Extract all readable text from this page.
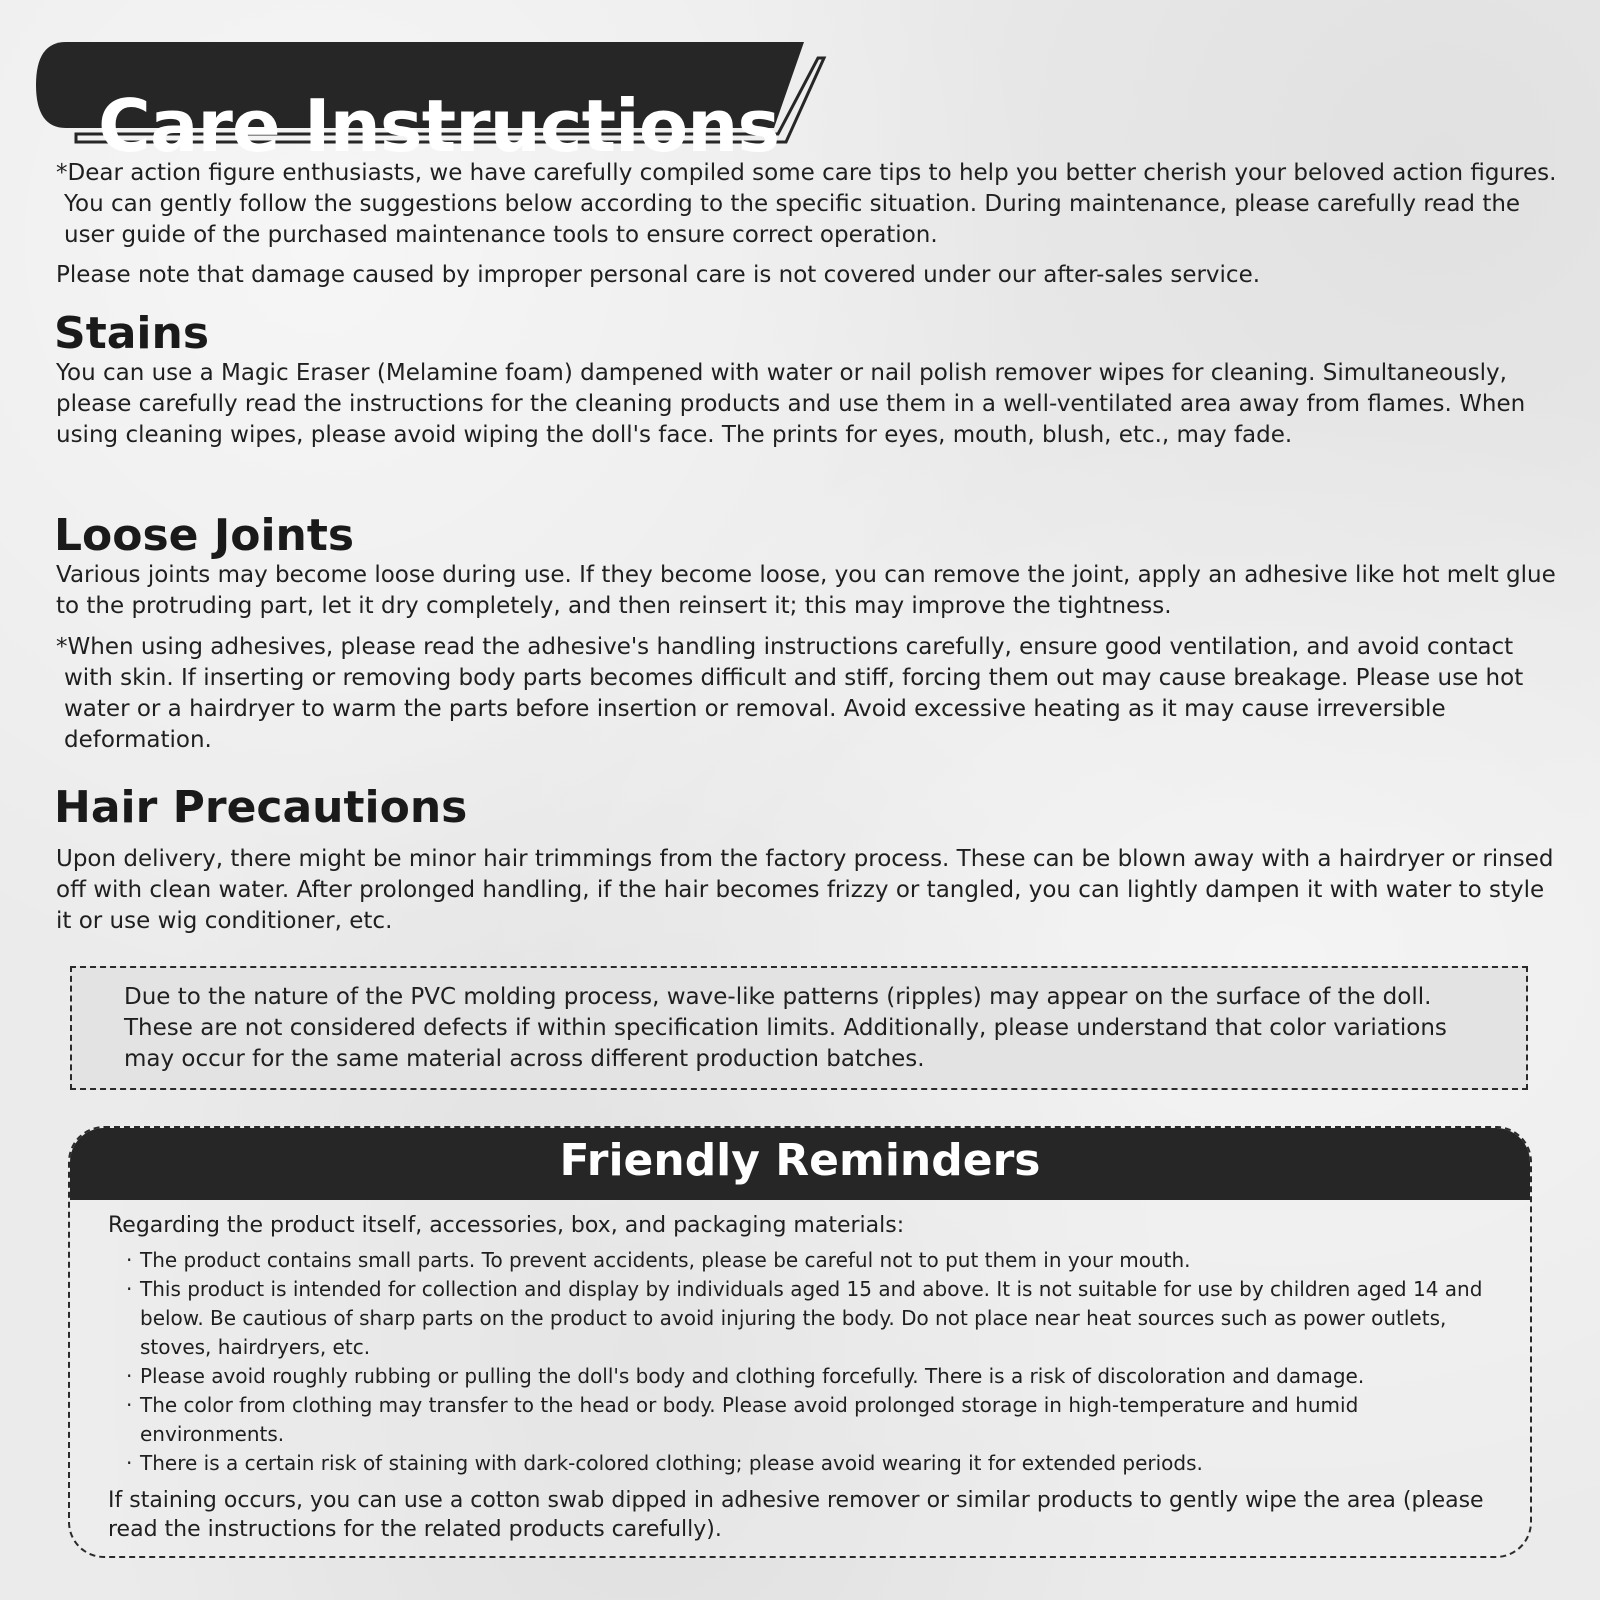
Care Instructions

*Dear action figure enthusiasts, we have carefully compiled some care tips to help you better cherish your beloved action figures. You can gently follow the suggestions below according to the specific situation. During maintenance, please carefully read the user guide of the purchased maintenance tools to ensure correct operation.

Please note that damage caused by improper personal care is not covered under our after-sales service.

Stains

You can use a Magic Eraser (Melamine foam) dampened with water or nail polish remover wipes for cleaning. Simultaneously, please carefully read the instructions for the cleaning products and use them in a well-ventilated area away from flames. When using cleaning wipes, please avoid wiping the doll's face. The prints for eyes, mouth, blush, etc., may fade.

Loose Joints

Various joints may become loose during use. If they become loose, you can remove the joint, apply an adhesive like hot melt glue to the protruding part, let it dry completely, and then reinsert it; this may improve the tightness.

*When using adhesives, please read the adhesive's handling instructions carefully, ensure good ventilation, and avoid contact with skin. If inserting or removing body parts becomes difficult and stiff, forcing them out may cause breakage. Please use hot water or a hairdryer to warm the parts before insertion or removal. Avoid excessive heating as it may cause irreversible deformation.

Hair Precautions

Upon delivery, there might be minor hair trimmings from the factory process. These can be blown away with a hairdryer or rinsed off with clean water. After prolonged handling, if the hair becomes frizzy or tangled, you can lightly dampen it with water to style it or use wig conditioner, etc.

Due to the nature of the PVC molding process, wave-like patterns (ripples) may appear on the surface of the doll. These are not considered defects if within specification limits. Additionally, please understand that color variations may occur for the same material across different production batches.

Friendly Reminders

Regarding the product itself, accessories, box, and packaging materials:

· The product contains small parts. To prevent accidents, please be careful not to put them in your mouth.
· This product is intended for collection and display by individuals aged 15 and above. It is not suitable for use by children aged 14 and below. Be cautious of sharp parts on the product to avoid injuring the body. Do not place near heat sources such as power outlets, stoves, hairdryers, etc.
· Please avoid roughly rubbing or pulling the doll's body and clothing forcefully. There is a risk of discoloration and damage.
· The color from clothing may transfer to the head or body. Please avoid prolonged storage in high-temperature and humid environments.
· There is a certain risk of staining with dark-colored clothing; please avoid wearing it for extended periods.

If staining occurs, you can use a cotton swab dipped in adhesive remover or similar products to gently wipe the area (please read the instructions for the related products carefully).
